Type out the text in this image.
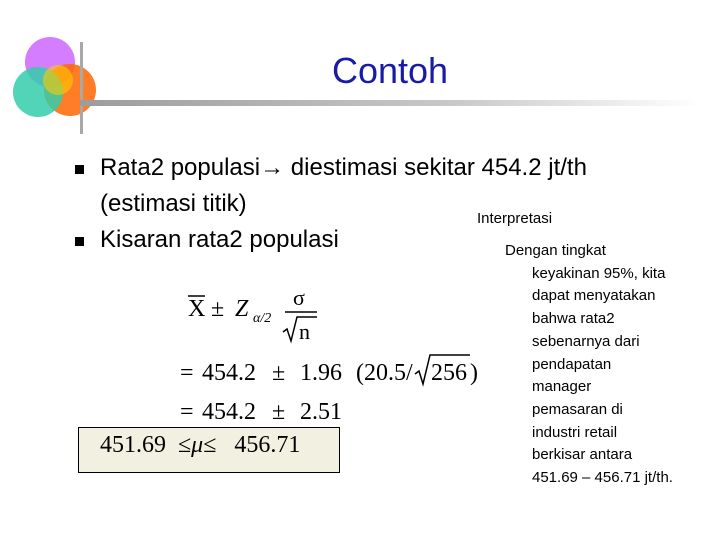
Contoh
Rata2 populasi→ diestimasi sekitar 454.2 jt/th
(estimasi titik)
Kisaran rata2 populasi
Interpretasi
Dengan tingkat
keyakinan 95%, kita
dapat menyatakan
bahwa rata2
sebenarnya dari
pendapatan
manager
pemasaran di
industri retail
berkisar antara
451.69 – 456.71 jt/th.
X ± Z α/2
σ
n
= 454.2 ± 1.96 (20.5/ 256 )
= 454.2 ± 2.51
451.69 ≤μ≤ 456.71
